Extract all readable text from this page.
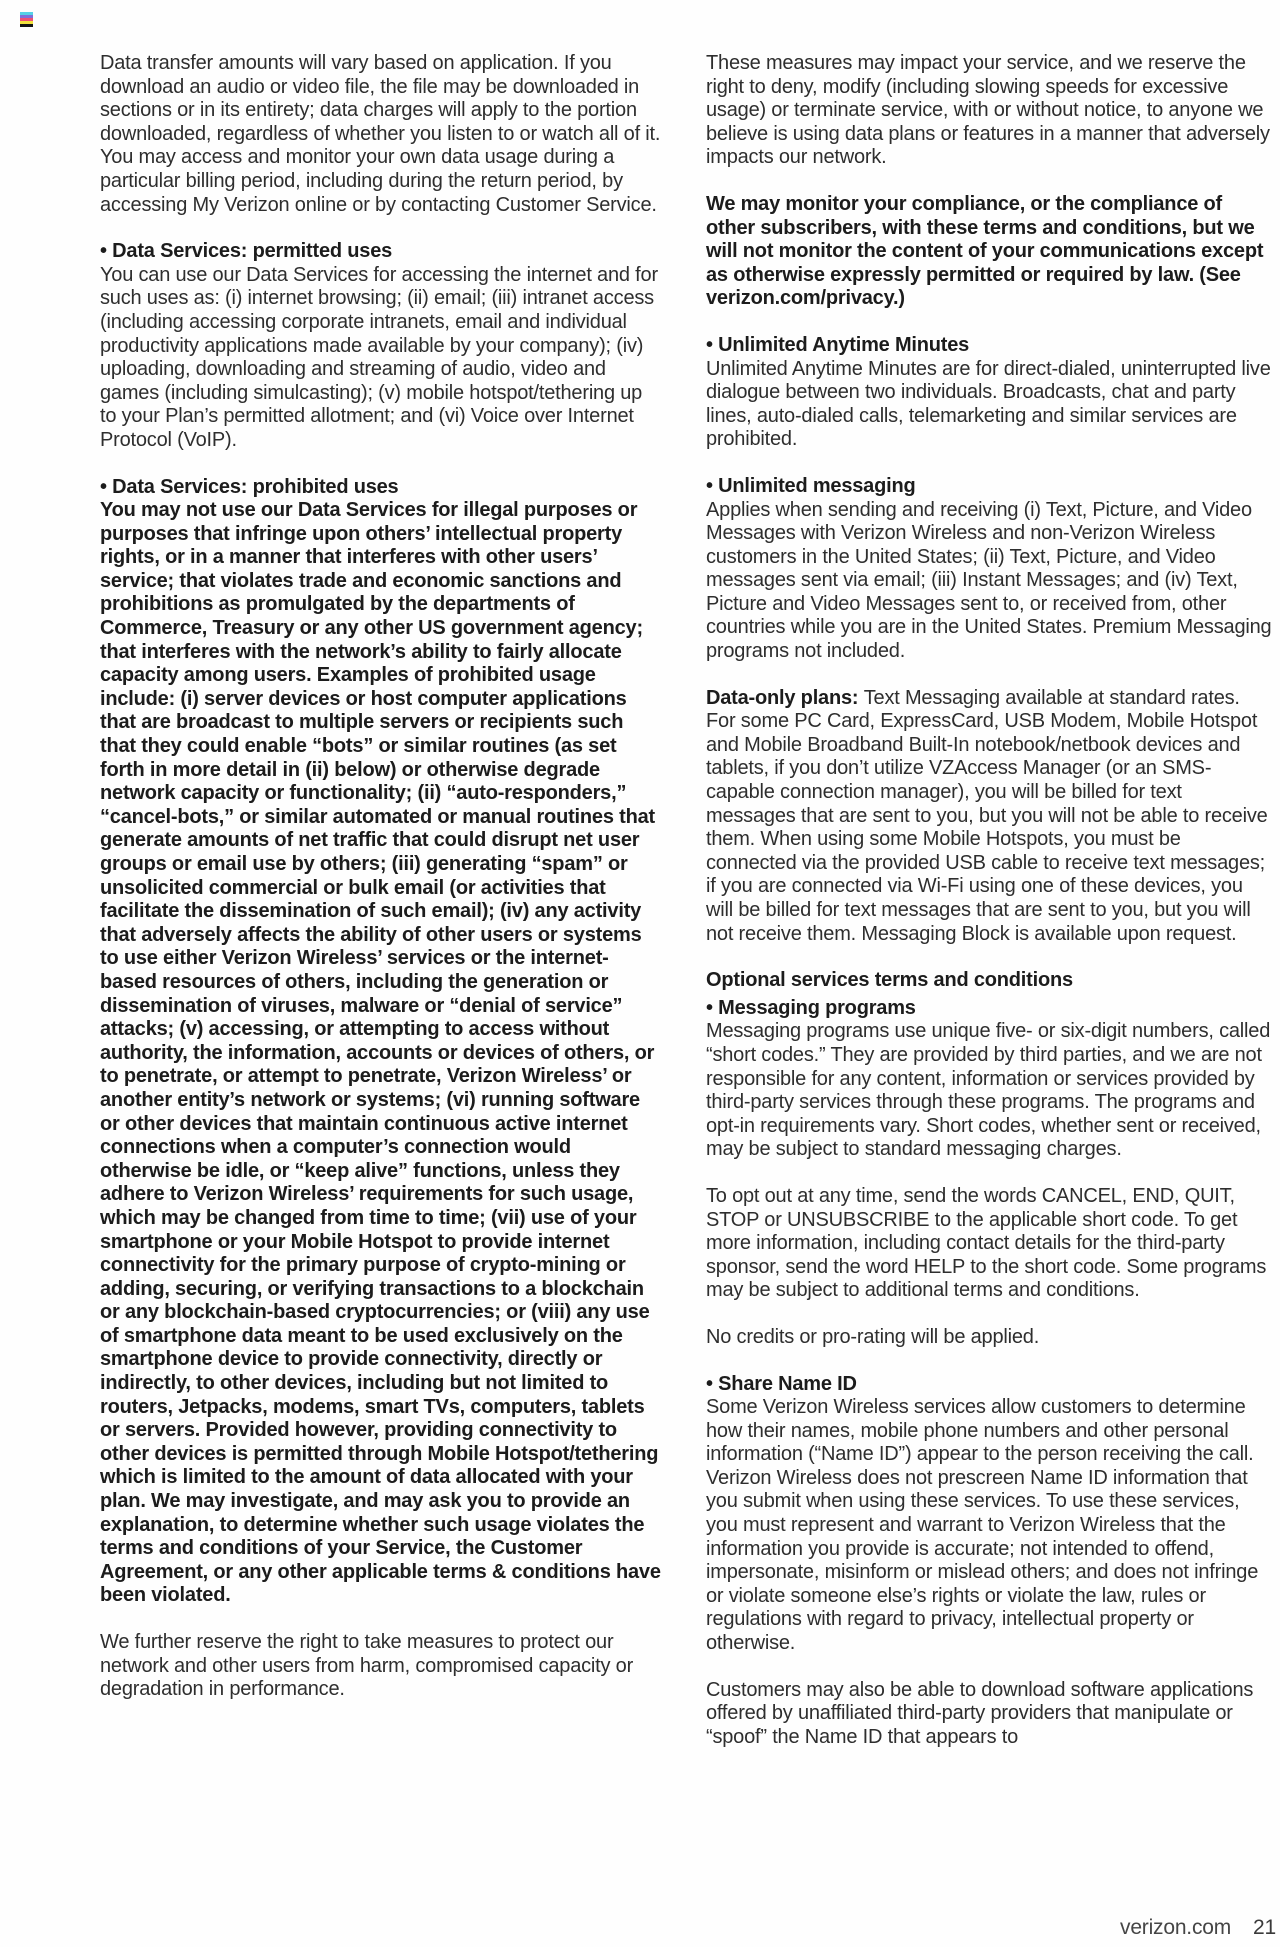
Data transfer amounts will vary based on application. If you download an audio or video file, the file may be downloaded in sections or in its entirety; data charges will apply to the portion downloaded, regardless of whether you listen to or watch all of it. You may access and monitor your own data usage during a particular billing period, including during the return period, by accessing My Verizon online or by contacting Customer Service.
• Data Services: permitted uses
You can use our Data Services for accessing the internet and for such uses as: (i) internet browsing; (ii) email; (iii) intranet access (including accessing corporate intranets, email and individual productivity applications made available by your company); (iv) uploading, downloading and streaming of audio, video and games (including simulcasting); (v) mobile hotspot/tethering up to your Plan’s permitted allotment; and (vi) Voice over Internet Protocol (VoIP).
• Data Services: prohibited uses
You may not use our Data Services for illegal purposes or purposes that infringe upon others’ intellectual property rights, or in a manner that interferes with other users’ service; that violates trade and economic sanctions and prohibitions as promulgated by the departments of Commerce, Treasury or any other US government agency; that interferes with the network’s ability to fairly allocate capacity among users. Examples of prohibited usage include: (i) server devices or host computer applications that are broadcast to multiple servers or recipients such that they could enable “bots” or similar routines (as set forth in more detail in (ii) below) or otherwise degrade network capacity or functionality; (ii) “auto-responders,” “cancel-bots,” or similar automated or manual routines that generate amounts of net traffic that could disrupt net user groups or email use by others; (iii) generating “spam” or unsolicited commercial or bulk email (or activities that facilitate the dissemination of such email); (iv) any activity that adversely affects the ability of other users or systems to use either Verizon Wireless’ services or the internet-based resources of others, including the generation or dissemination of viruses, malware or “denial of service” attacks; (v) accessing, or attempting to access without authority, the information, accounts or devices of others, or to penetrate, or attempt to penetrate, Verizon Wireless’ or another entity’s network or systems; (vi) running software or other devices that maintain continuous active internet connections when a computer’s connection would otherwise be idle, or “keep alive” functions, unless they adhere to Verizon Wireless’ requirements for such usage, which may be changed from time to time; (vii) use of your smartphone or your Mobile Hotspot to provide internet connectivity for the primary purpose of crypto-mining or adding, securing, or verifying transactions to a blockchain or any blockchain-based cryptocurrencies; or (viii) any use of smartphone data meant to be used exclusively on the smartphone device to provide connectivity, directly or indirectly, to other devices, including but not limited to routers, Jetpacks, modems, smart TVs, computers, tablets or servers. Provided however, providing connectivity to other devices is permitted through Mobile Hotspot/tethering which is limited to the amount of data allocated with your plan. We may investigate, and may ask you to provide an explanation, to determine whether such usage violates the terms and conditions of your Service, the Customer Agreement, or any other applicable terms & conditions have been violated.
We further reserve the right to take measures to protect our network and other users from harm, compromised capacity or degradation in performance.
These measures may impact your service, and we reserve the right to deny, modify (including slowing speeds for excessive usage) or terminate service, with or without notice, to anyone we believe is using data plans or features in a manner that adversely impacts our network.
We may monitor your compliance, or the compliance of other subscribers, with these terms and conditions, but we will not monitor the content of your communications except as otherwise expressly permitted or required by law. (See verizon.com/privacy.)
• Unlimited Anytime Minutes
Unlimited Anytime Minutes are for direct-dialed, uninterrupted live dialogue between two individuals. Broadcasts, chat and party lines, auto-dialed calls, telemarketing and similar services are prohibited.
• Unlimited messaging
Applies when sending and receiving (i) Text, Picture, and Video Messages with Verizon Wireless and non-Verizon Wireless customers in the United States; (ii) Text, Picture, and Video messages sent via email; (iii) Instant Messages; and (iv) Text, Picture and Video Messages sent to, or received from, other countries while you are in the United States. Premium Messaging programs not included.
Data-only plans: Text Messaging available at standard rates. For some PC Card, ExpressCard, USB Modem, Mobile Hotspot and Mobile Broadband Built-In notebook/netbook devices and tablets, if you don’t utilize VZAccess Manager (or an SMS-capable connection manager), you will be billed for text messages that are sent to you, but you will not be able to receive them. When using some Mobile Hotspots, you must be connected via the provided USB cable to receive text messages; if you are connected via Wi-Fi using one of these devices, you will be billed for text messages that are sent to you, but you will not receive them. Messaging Block is available upon request.
Optional services terms and conditions
• Messaging programs
Messaging programs use unique five- or six-digit numbers, called “short codes.” They are provided by third parties, and we are not responsible for any content, information or services provided by third-party services through these programs. The programs and opt-in requirements vary. Short codes, whether sent or received, may be subject to standard messaging charges.
To opt out at any time, send the words CANCEL, END, QUIT, STOP or UNSUBSCRIBE to the applicable short code. To get more information, including contact details for the third-party sponsor, send the word HELP to the short code. Some programs may be subject to additional terms and conditions.
No credits or pro-rating will be applied.
• Share Name ID
Some Verizon Wireless services allow customers to determine how their names, mobile phone numbers and other personal information (“Name ID”) appear to the person receiving the call. Verizon Wireless does not prescreen Name ID information that you submit when using these services. To use these services, you must represent and warrant to Verizon Wireless that the information you provide is accurate; not intended to offend, impersonate, misinform or mislead others; and does not infringe or violate someone else’s rights or violate the law, rules or regulations with regard to privacy, intellectual property or otherwise.
Customers may also be able to download software applications offered by unaffiliated third-party providers that manipulate or “spoof” the Name ID that appears to
verizon.com 21
